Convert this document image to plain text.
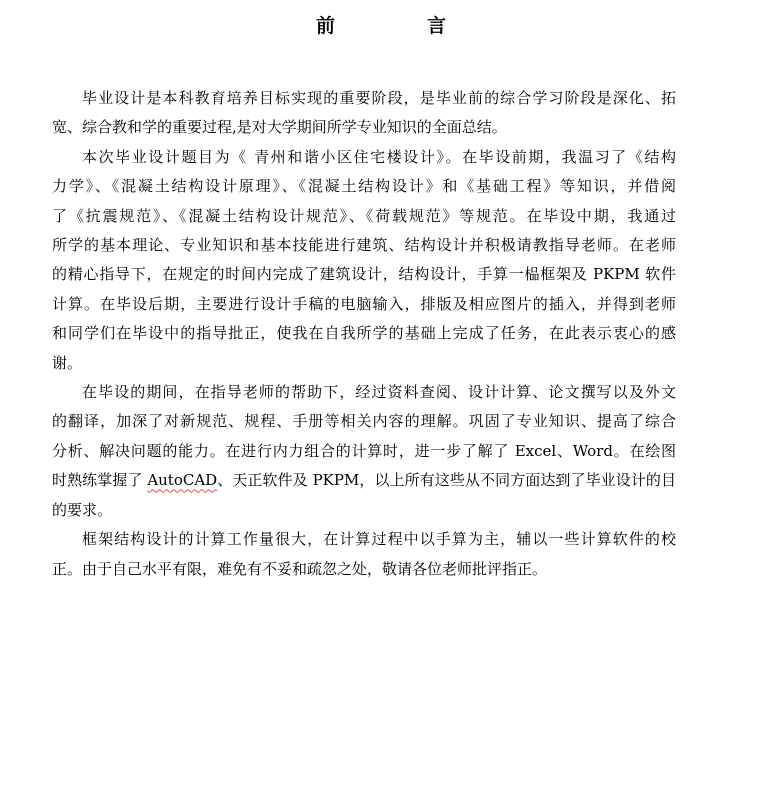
前	言

毕业设计是本科教育培养目标实现的重要阶段，是毕业前的综合学习阶段是深化、拓
宽、综合教和学的重要过程,是对大学期间所学专业知识的全面总结。

本次毕业设计题目为《 青州和谐小区住宅楼设计》。在毕设前期，我温习了《结构
力学》、《混凝土结构设计原理》、《混凝土结构设计》和《基础工程》等知识，并借阅
了《抗震规范》、《混凝土结构设计规范》、《荷载规范》等规范。在毕设中期，我通过
所学的基本理论、专业知识和基本技能进行建筑、结构设计并积极请教指导老师。在老师
的精心指导下，在规定的时间内完成了建筑设计，结构设计，手算一榀框架及 PKPM 软件
计算。在毕设后期，主要进行设计手稿的电脑输入，排版及相应图片的插入，并得到老师
和同学们在毕设中的指导批正，使我在自我所学的基础上完成了任务，在此表示衷心的感
谢。

在毕设的期间，在指导老师的帮助下，经过资料查阅、设计计算、论文撰写以及外文
的翻译，加深了对新规范、规程、手册等相关内容的理解。巩固了专业知识、提高了综合
分析、解决问题的能力。在进行内力组合的计算时，进一步了解了 Excel、Word。在绘图
时熟练掌握了 AutoCAD、天正软件及 PKPM，以上所有这些从不同方面达到了毕业设计的目
的要求。

框架结构设计的计算工作量很大，在计算过程中以手算为主，辅以一些计算软件的校
正。由于自己水平有限，难免有不妥和疏忽之处，敬请各位老师批评指正。
